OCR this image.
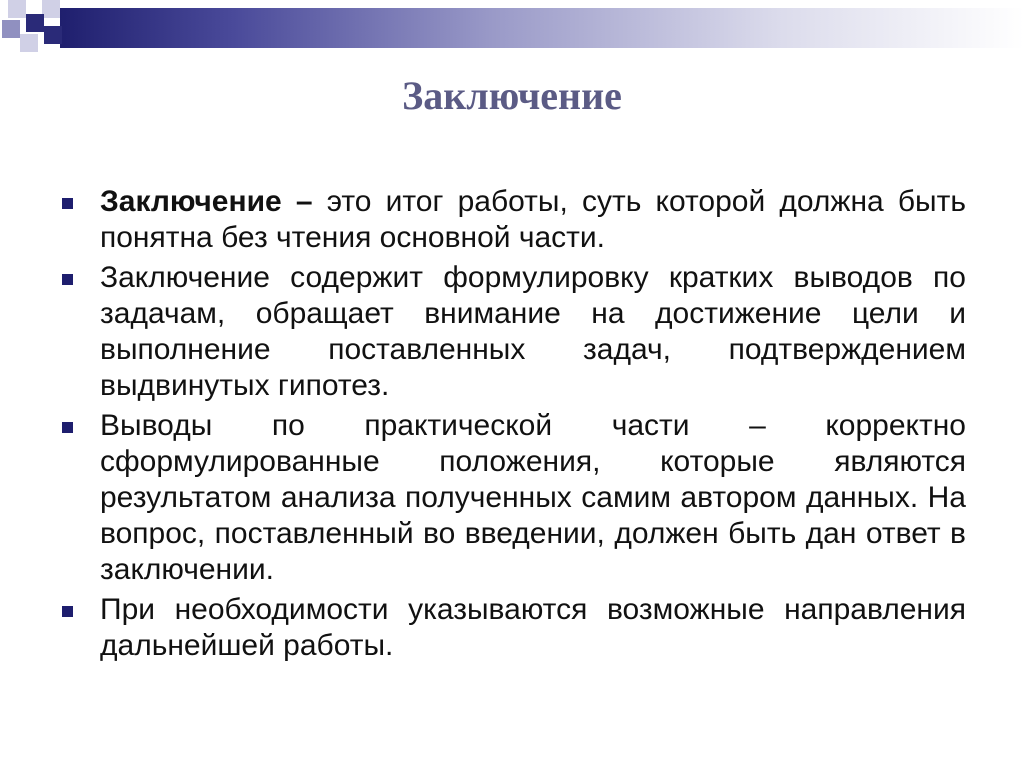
Заключение
Заключение – это итог работы, суть которой должна быть понятна без чтения основной части.
Заключение содержит формулировку кратких выводов по задачам, обращает внимание на достижение цели и выполнение поставленных задач, подтверждением выдвинутых гипотез.
Выводы по практической части – корректно сформулированные положения, которые являются результатом анализа полученных самим автором данных. На вопрос, поставленный во введении, должен быть дан ответ в заключении.
При необходимости указываются возможные направления дальнейшей работы.
